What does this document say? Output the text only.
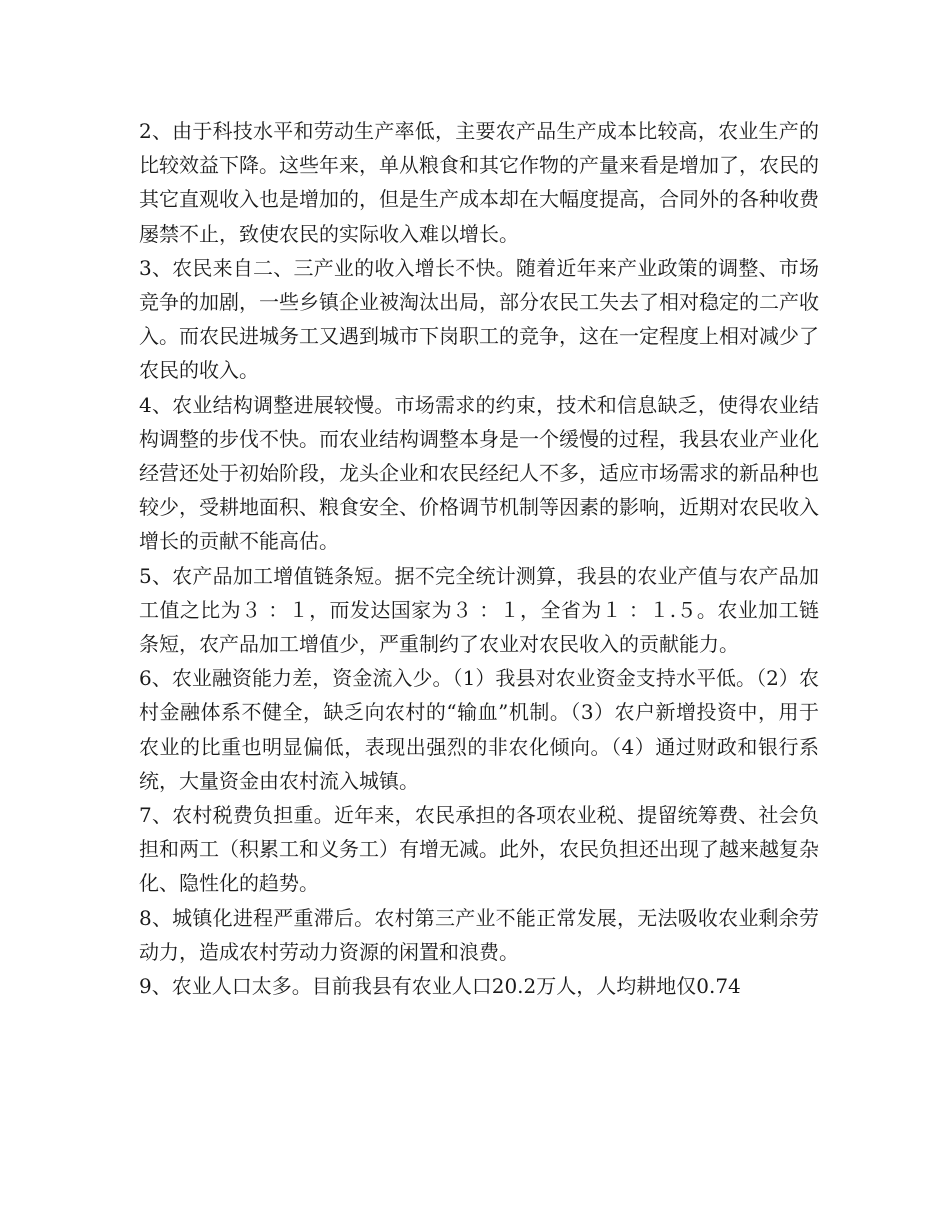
2、由于科技水平和劳动生产率低，主要农产品生产成本比较高，农业生产的比较效益下降。这些年来，单从粮食和其它作物的产量来看是增加了，农民的其它直观收入也是增加的，但是生产成本却在大幅度提高，合同外的各种收费屡禁不止，致使农民的实际收入难以增长。

3、农民来自二、三产业的收入增长不快。随着近年来产业政策的调整、市场竞争的加剧，一些乡镇企业被淘汰出局，部分农民工失去了相对稳定的二产收入。而农民进城务工又遇到城市下岗职工的竞争，这在一定程度上相对减少了农民的收入。

4、农业结构调整进展较慢。市场需求的约束，技术和信息缺乏，使得农业结构调整的步伐不快。而农业结构调整本身是一个缓慢的过程，我县农业产业化经营还处于初始阶段，龙头企业和农民经纪人不多，适应市场需求的新品种也较少，受耕地面积、粮食安全、价格调节机制等因素的影响，近期对农民收入增长的贡献不能高估。

5、农产品加工增值链条短。据不完全统计测算，我县的农业产值与农产品加工值之比为３ ：１，而发达国家为３ ：１，全省为１ ：１.５。农业加工链条短，农产品加工增值少，严重制约了农业对农民收入的贡献能力。

6、农业融资能力差，资金流入少。（1）我县对农业资金支持水平低。（2）农村金融体系不健全，缺乏向农村的“输血”机制。（3）农户新增投资中，用于农业的比重也明显偏低，表现出强烈的非农化倾向。（4）通过财政和银行系统，大量资金由农村流入城镇。

7、农村税费负担重。近年来，农民承担的各项农业税、提留统筹费、社会负担和两工（积累工和义务工）有增无减。此外，农民负担还出现了越来越复杂化、隐性化的趋势。

8、城镇化进程严重滞后。农村第三产业不能正常发展，无法吸收农业剩余劳动力，造成农村劳动力资源的闲置和浪费。

9、农业人口太多。目前我县有农业人口20.2万人，人均耕地仅0.74
